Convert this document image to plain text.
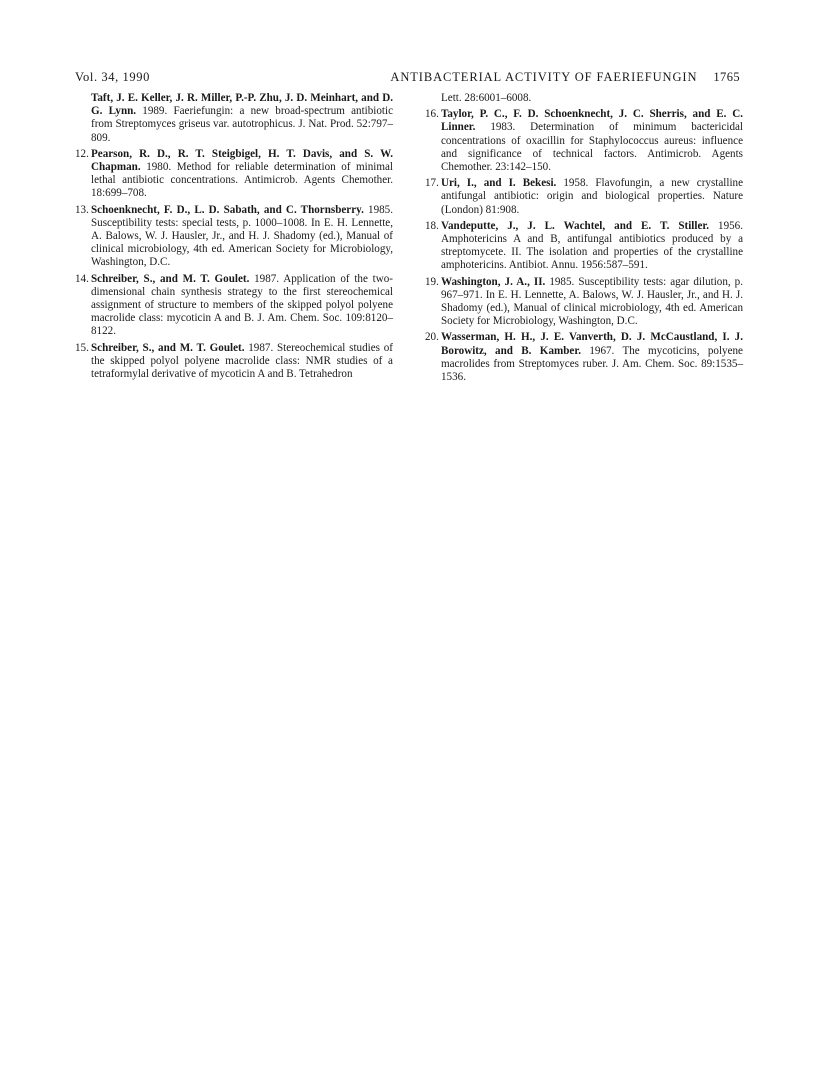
Vol. 34, 1990	ANTIBACTERIAL ACTIVITY OF FAERIEFUNGIN 1765
Taft, J. E. Keller, J. R. Miller, P.-P. Zhu, J. D. Meinhart, and D. G. Lynn. 1989. Faeriefungin: a new broad-spectrum antibiotic from Streptomyces griseus var. autotrophicus. J. Nat. Prod. 52:797–809.
12. Pearson, R. D., R. T. Steigbigel, H. T. Davis, and S. W. Chapman. 1980. Method for reliable determination of minimal lethal antibiotic concentrations. Antimicrob. Agents Chemother. 18:699–708.
13. Schoenknecht, F. D., L. D. Sabath, and C. Thornsberry. 1985. Susceptibility tests: special tests, p. 1000–1008. In E. H. Lennette, A. Balows, W. J. Hausler, Jr., and H. J. Shadomy (ed.), Manual of clinical microbiology, 4th ed. American Society for Microbiology, Washington, D.C.
14. Schreiber, S., and M. T. Goulet. 1987. Application of the two-dimensional chain synthesis strategy to the first stereochemical assignment of structure to members of the skipped polyol polyene macrolide class: mycoticin A and B. J. Am. Chem. Soc. 109:8120–8122.
15. Schreiber, S., and M. T. Goulet. 1987. Stereochemical studies of the skipped polyol polyene macrolide class: NMR studies of a tetraformylal derivative of mycoticin A and B. Tetrahedron
Lett. 28:6001–6008.
16. Taylor, P. C., F. D. Schoenknecht, J. C. Sherris, and E. C. Linner. 1983. Determination of minimum bactericidal concentrations of oxacillin for Staphylococcus aureus: influence and significance of technical factors. Antimicrob. Agents Chemother. 23:142–150.
17. Uri, I., and I. Bekesi. 1958. Flavofungin, a new crystalline antifungal antibiotic: origin and biological properties. Nature (London) 81:908.
18. Vandeputte, J., J. L. Wachtel, and E. T. Stiller. 1956. Amphotericins A and B, antifungal antibiotics produced by a streptomycete. II. The isolation and properties of the crystalline amphotericins. Antibiot. Annu. 1956:587–591.
19. Washington, J. A., II. 1985. Susceptibility tests: agar dilution, p. 967–971. In E. H. Lennette, A. Balows, W. J. Hausler, Jr., and H. J. Shadomy (ed.), Manual of clinical microbiology, 4th ed. American Society for Microbiology, Washington, D.C.
20. Wasserman, H. H., J. E. Vanverth, D. J. McCaustland, I. J. Borowitz, and B. Kamber. 1967. The mycoticins, polyene macrolides from Streptomyces ruber. J. Am. Chem. Soc. 89:1535–1536.
